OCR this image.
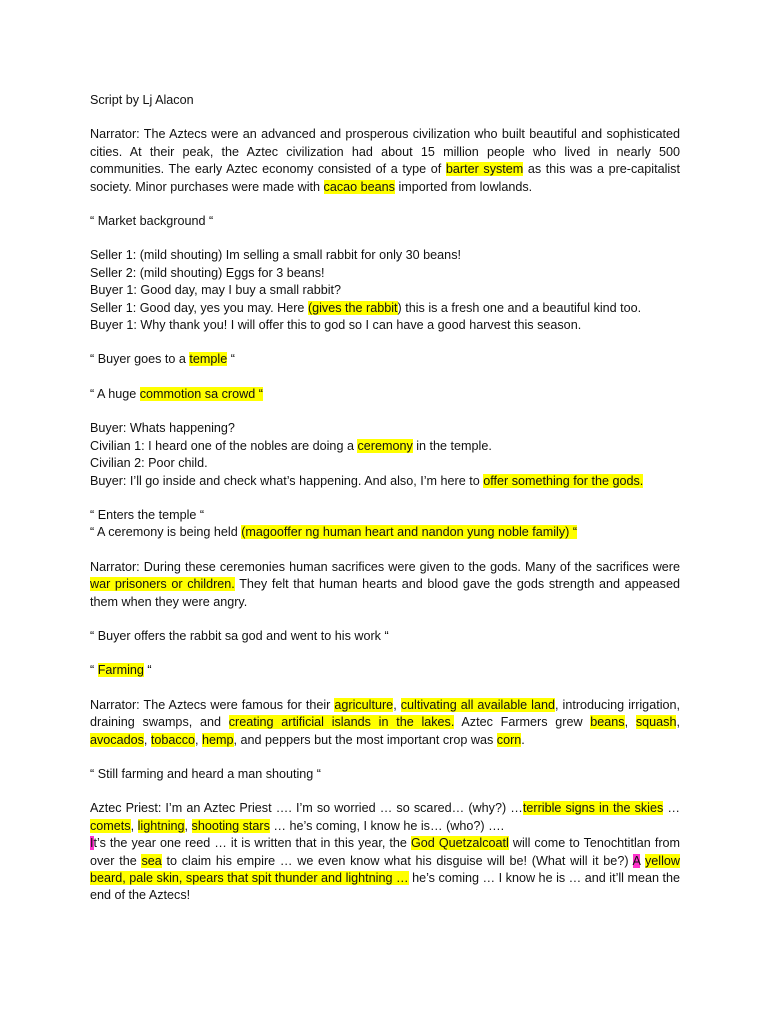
Script by Lj Alacon

Narrator: The Aztecs were an advanced and prosperous civilization who built beautiful and sophisticated cities. At their peak, the Aztec civilization had about 15 million people who lived in nearly 500 communities. The early Aztec economy consisted of a type of barter system as this was a pre-capitalist society. Minor purchases were made with cacao beans imported from lowlands.

“ Market background “

Seller 1: (mild shouting) Im selling a small rabbit for only 30 beans!

Seller 2: (mild shouting) Eggs for 3 beans!

Buyer 1: Good day, may I buy a small rabbit?

Seller 1: Good day, yes you may. Here (gives the rabbit) this is a fresh one and a beautiful kind too.

Buyer 1: Why thank you! I will offer this to god so I can have a good harvest this season.

“ Buyer goes to a temple “

“ A huge commotion sa crowd “

Buyer: Whats happening?

Civilian 1: I heard one of the nobles are doing a ceremony in the temple.

Civilian 2: Poor child.

Buyer: I’ll go inside and check what’s happening. And also, I’m here to offer something for the gods.

“ Enters the temple “

“ A ceremony is being held (magooffer ng human heart and nandon yung noble family) “

Narrator: During these ceremonies human sacrifices were given to the gods. Many of the sacrifices were war prisoners or children. They felt that human hearts and blood gave the gods strength and appeased them when they were angry.

“ Buyer offers the rabbit sa god and went to his work “

“ Farming “

Narrator: The Aztecs were famous for their agriculture, cultivating all available land, introducing irrigation, draining swamps, and creating artificial islands in the lakes. Aztec Farmers grew beans, squash, avocados, tobacco, hemp, and peppers but the most important crop was corn.

“ Still farming and heard a man shouting “

Aztec Priest: I’m an Aztec Priest …. I’m so worried … so scared… (why?) …terrible signs in the skies … comets, lightning, shooting stars … he’s coming, I know he is… (who?) ….
It’s the year one reed … it is written that in this year, the God Quetzalcoatl will come to Tenochtitlan from over the sea to claim his empire … we even know what his disguise will be! (What will it be?) A yellow beard, pale skin, spears that spit thunder and lightning … he’s coming … I know he is … and it’ll mean the end of the Aztecs!
